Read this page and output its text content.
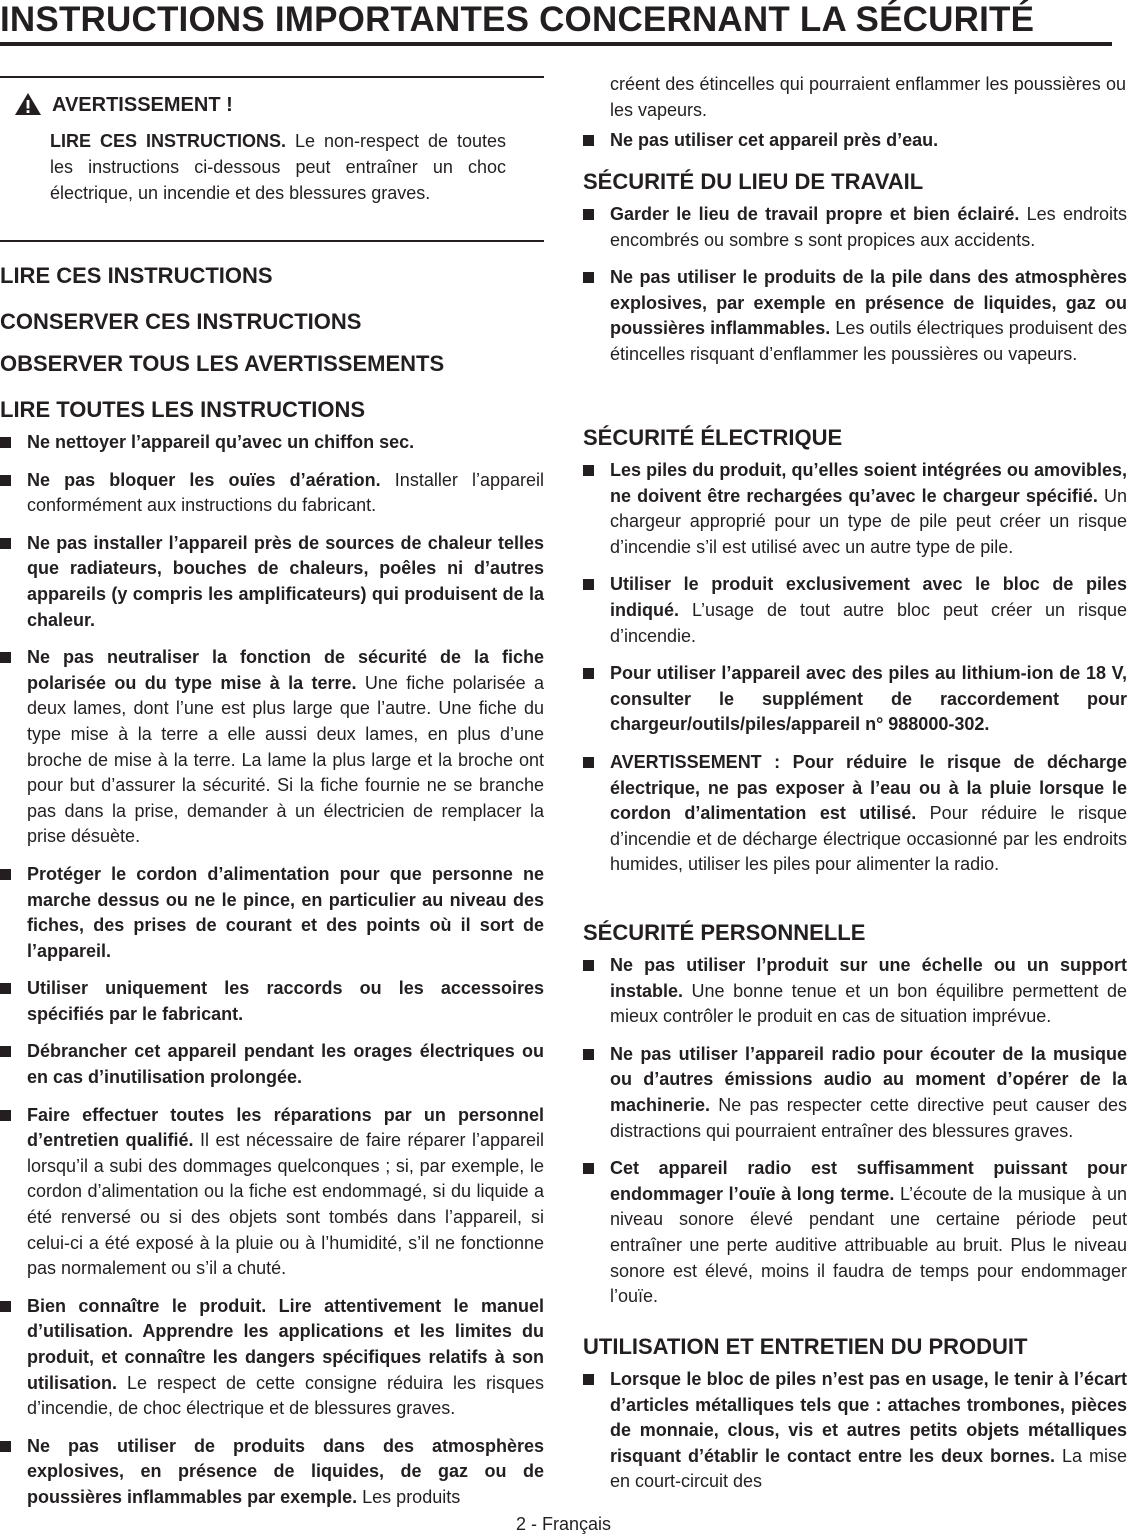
INSTRUCTIONS IMPORTANTES CONCERNANT LA SÉCURITÉ
AVERTISSEMENT !

LIRE CES INSTRUCTIONS. Le non-respect de toutes les instructions ci-dessous peut entraîner un choc électrique, un incendie et des blessures graves.

LIRE CES INSTRUCTIONS
CONSERVER CES INSTRUCTIONS
OBSERVER TOUS LES AVERTISSEMENTS
LIRE TOUTES LES INSTRUCTIONS
Ne nettoyer l’appareil qu’avec un chiffon sec.
Ne pas bloquer les ouïes d’aération. Installer l’appareil conformément aux instructions du fabricant.
Ne pas installer l’appareil près de sources de chaleur telles que radiateurs, bouches de chaleurs, poêles ni d’autres appareils (y compris les amplificateurs) qui produisent de la chaleur.
Ne pas neutraliser la fonction de sécurité de la fiche polarisée ou du type mise à la terre. Une fiche polarisée a deux lames, dont l’une est plus large que l’autre. Une fiche du type mise à la terre a elle aussi deux lames, en plus d’une broche de mise à la terre. La lame la plus large et la broche ont pour but d’assurer la sécurité. Si la fiche fournie ne se branche pas dans la prise, demander à un électricien de remplacer la prise désuète.
Protéger le cordon d’alimentation pour que personne ne marche dessus ou ne le pince, en particulier au niveau des fiches, des prises de courant et des points où il sort de l’appareil.
Utiliser uniquement les raccords ou les accessoires spécifiés par le fabricant.
Débrancher cet appareil pendant les orages électriques ou en cas d’inutilisation prolongée.
Faire effectuer toutes les réparations par un personnel d’entretien qualifié. Il est nécessaire de faire réparer l’appareil lorsqu’il a subi des dommages quelconques ; si, par exemple, le cordon d’alimentation ou la fiche est endommagé, si du liquide a été renversé ou si des objets sont tombés dans l’appareil, si celui-ci a été exposé à la pluie ou à l’humidité, s’il ne fonctionne pas normalement ou s’il a chuté.
Bien connaître le produit. Lire attentivement le manuel d’utilisation. Apprendre les applications et les limites du produit, et connaître les dangers spécifiques relatifs à son utilisation. Le respect de cette consigne réduira les risques d’incendie, de choc électrique et de blessures graves.
Ne pas utiliser de produits dans des atmosphères explosives, en présence de liquides, de gaz ou de poussières inflammables par exemple. Les produits

créent des étincelles qui pourraient enflammer les poussières ou les vapeurs.

Ne pas utiliser cet appareil près d’eau.
SÉCURITÉ DU LIEU DE TRAVAIL
Garder le lieu de travail propre et bien éclairé. Les endroits encombrés ou sombre s sont propices aux accidents.
Ne pas utiliser le produits de la pile dans des atmosphères explosives, par exemple en présence de liquides, gaz ou poussières inflammables. Les outils électriques produisent des étincelles risquant d’enflammer les poussières ou vapeurs.
SÉCURITÉ ÉLECTRIQUE
Les piles du produit, qu’elles soient intégrées ou amovibles, ne doivent être rechargées qu’avec le chargeur spécifié. Un chargeur approprié pour un type de pile peut créer un risque d’incendie s’il est utilisé avec un autre type de pile.
Utiliser le produit exclusivement avec le bloc de piles indiqué. L’usage de tout autre bloc peut créer un risque d’incendie.
Pour utiliser l’appareil avec des piles au lithium-ion de 18 V, consulter le supplément de raccordement pour chargeur/outils/piles/appareil n° 988000-302.
AVERTISSEMENT : Pour réduire le risque de décharge électrique, ne pas exposer à l’eau ou à la pluie lorsque le cordon d’alimentation est utilisé. Pour réduire le risque d’incendie et de décharge électrique occasionné par les endroits humides, utiliser les piles pour alimenter la radio.
SÉCURITÉ PERSONNELLE
Ne pas utiliser l’produit sur une échelle ou un support instable. Une bonne tenue et un bon équilibre permettent de mieux contrôler le produit en cas de situation imprévue.
Ne pas utiliser l’appareil radio pour écouter de la musique ou d’autres émissions audio au moment d’opérer de la machinerie. Ne pas respecter cette directive peut causer des distractions qui pourraient entraîner des blessures graves.
Cet appareil radio est suffisamment puissant pour endommager l’ouïe à long terme. L’écoute de la musique à un niveau sonore élevé pendant une certaine période peut entraîner une perte auditive attribuable au bruit. Plus le niveau sonore est élevé, moins il faudra de temps pour endommager l’ouïe.
UTILISATION ET ENTRETIEN DU PRODUIT
Lorsque le bloc de piles n’est pas en usage, le tenir à l’écart d’articles métalliques tels que : attaches trombones, pièces de monnaie, clous, vis et autres petits objets métalliques risquant d’établir le contact entre les deux bornes. La mise en court-circuit des
2 - Français
